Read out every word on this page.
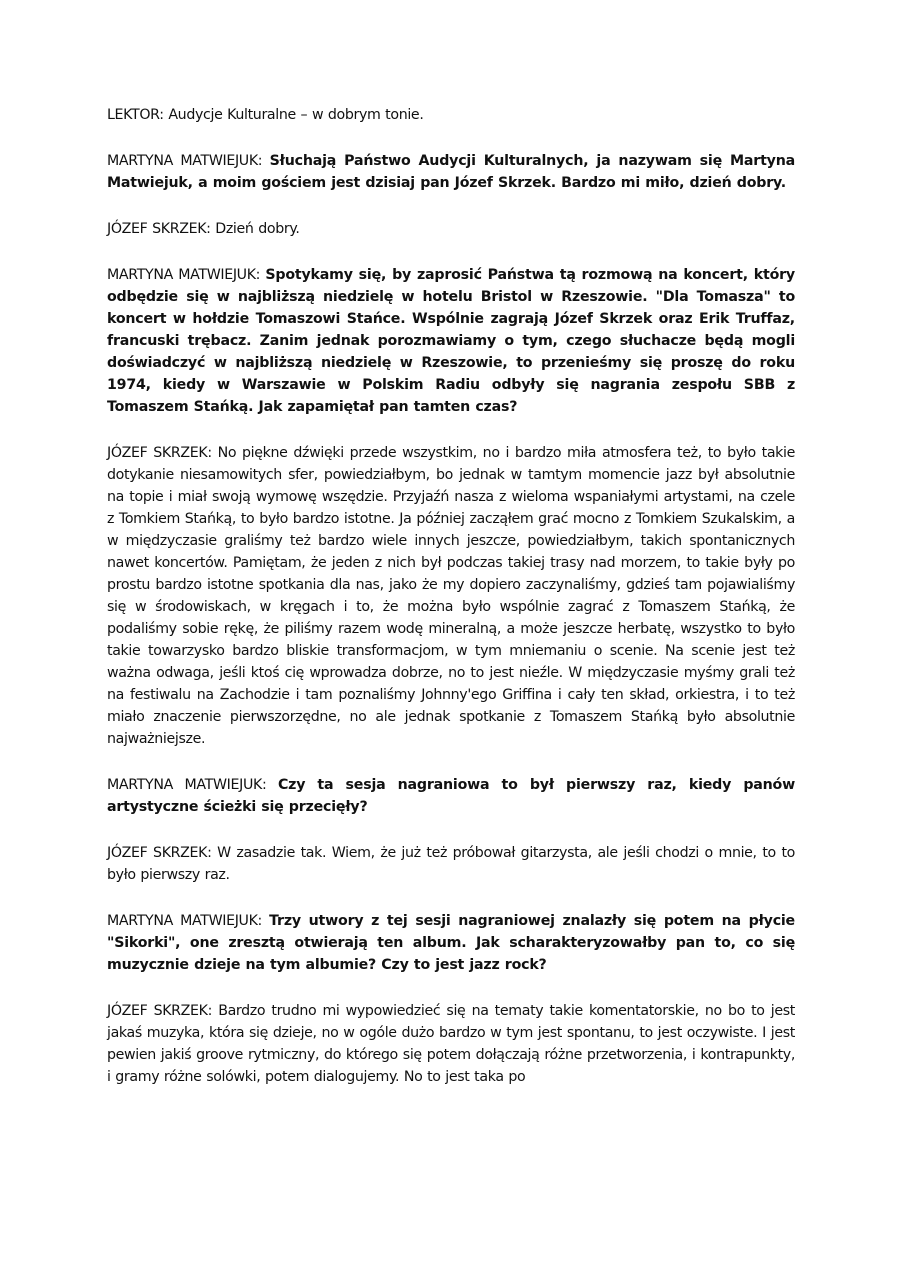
LEKTOR: Audycje Kulturalne – w dobrym tonie.

MARTYNA MATWIEJUK: Słuchają Państwo Audycji Kulturalnych, ja nazywam się Martyna Matwiejuk, a moim gościem jest dzisiaj pan Józef Skrzek. Bardzo mi miło, dzień dobry.

JÓZEF SKRZEK: Dzień dobry.

MARTYNA MATWIEJUK: Spotykamy się, by zaprosić Państwa tą rozmową na koncert, który odbędzie się w najbliższą niedzielę w hotelu Bristol w Rzeszowie. "Dla Tomasza" to koncert w hołdzie Tomaszowi Stańce. Wspólnie zagrają Józef Skrzek oraz Erik Truffaz, francuski trębacz. Zanim jednak porozmawiamy o tym, czego słuchacze będą mogli doświadczyć w najbliższą niedzielę w Rzeszowie, to przenieśmy się proszę do roku 1974, kiedy w Warszawie w Polskim Radiu odbyły się nagrania zespołu SBB z Tomaszem Stańką. Jak zapamiętał pan tamten czas?

JÓZEF SKRZEK: No piękne dźwięki przede wszystkim, no i bardzo miła atmosfera też, to było takie dotykanie niesamowitych sfer, powiedziałbym, bo jednak w tamtym momencie jazz był absolutnie na topie i miał swoją wymowę wszędzie. Przyjaźń nasza z wieloma wspaniałymi artystami, na czele z Tomkiem Stańką, to było bardzo istotne. Ja później zacząłem grać mocno z Tomkiem Szukalskim, a w międzyczasie graliśmy też bardzo wiele innych jeszcze, powiedziałbym, takich spontanicznych nawet koncertów. Pamiętam, że jeden z nich był podczas takiej trasy nad morzem, to takie były po prostu bardzo istotne spotkania dla nas, jako że my dopiero zaczynaliśmy, gdzieś tam pojawialiśmy się w środowiskach, w kręgach i to, że można było wspólnie zagrać z Tomaszem Stańką, że podaliśmy sobie rękę, że piliśmy razem wodę mineralną, a może jeszcze herbatę, wszystko to było takie towarzysko bardzo bliskie transformacjom, w tym mniemaniu o scenie. Na scenie jest też ważna odwaga, jeśli ktoś cię wprowadza dobrze, no to jest nieźle. W międzyczasie myśmy grali też na festiwalu na Zachodzie i tam poznaliśmy Johnny'ego Griffina i cały ten skład, orkiestra, i to też miało znaczenie pierwszorzędne, no ale jednak spotkanie z Tomaszem Stańką było absolutnie najważniejsze.

MARTYNA MATWIEJUK: Czy ta sesja nagraniowa to był pierwszy raz, kiedy panów artystyczne ścieżki się przecięły?

JÓZEF SKRZEK: W zasadzie tak. Wiem, że już też próbował gitarzysta, ale jeśli chodzi o mnie, to to było pierwszy raz.

MARTYNA MATWIEJUK: Trzy utwory z tej sesji nagraniowej znalazły się potem na płycie "Sikorki", one zresztą otwierają ten album. Jak scharakteryzowałby pan to, co się muzycznie dzieje na tym albumie? Czy to jest jazz rock?

JÓZEF SKRZEK: Bardzo trudno mi wypowiedzieć się na tematy takie komentatorskie, no bo to jest jakaś muzyka, która się dzieje, no w ogóle dużo bardzo w tym jest spontanu, to jest oczywiste. I jest pewien jakiś groove rytmiczny, do którego się potem dołączają różne przetworzenia, i kontrapunkty, i gramy różne solówki, potem dialogujemy. No to jest taka po
